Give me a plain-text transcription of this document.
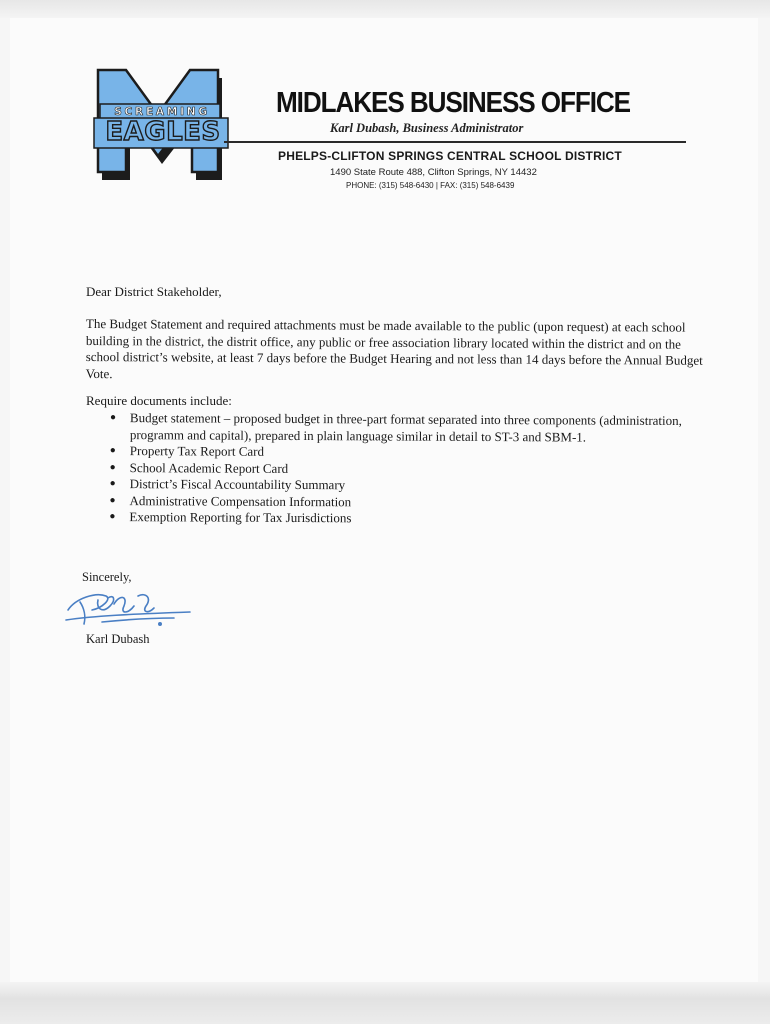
SCREAMING
EAGLES
MIDLAKES BUSINESS OFFICE
Karl Dubash, Business Administrator
PHELPS-CLIFTON SPRINGS CENTRAL SCHOOL DISTRICT
1490 State Route 488, Clifton Springs, NY 14432
PHONE: (315) 548-6430 | FAX: (315) 548-6439
Dear District Stakeholder,
The Budget Statement and required attachments must be made available to the public (upon request) at each school building in the district, the distrit office, any public or free association library located within the district and on the school district’s website, at least 7 days before the Budget Hearing and not less than 14 days before the Annual Budget Vote.
Require documents include:
● Budget statement – proposed budget in three-part format separated into three components (administration, programm and capital), prepared in plain language similar in detail to ST-3 and SBM-1.
● Property Tax Report Card
● School Academic Report Card
● District’s Fiscal Accountability Summary
● Administrative Compensation Information
● Exemption Reporting for Tax Jurisdictions
Sincerely,
Karl Dubash
